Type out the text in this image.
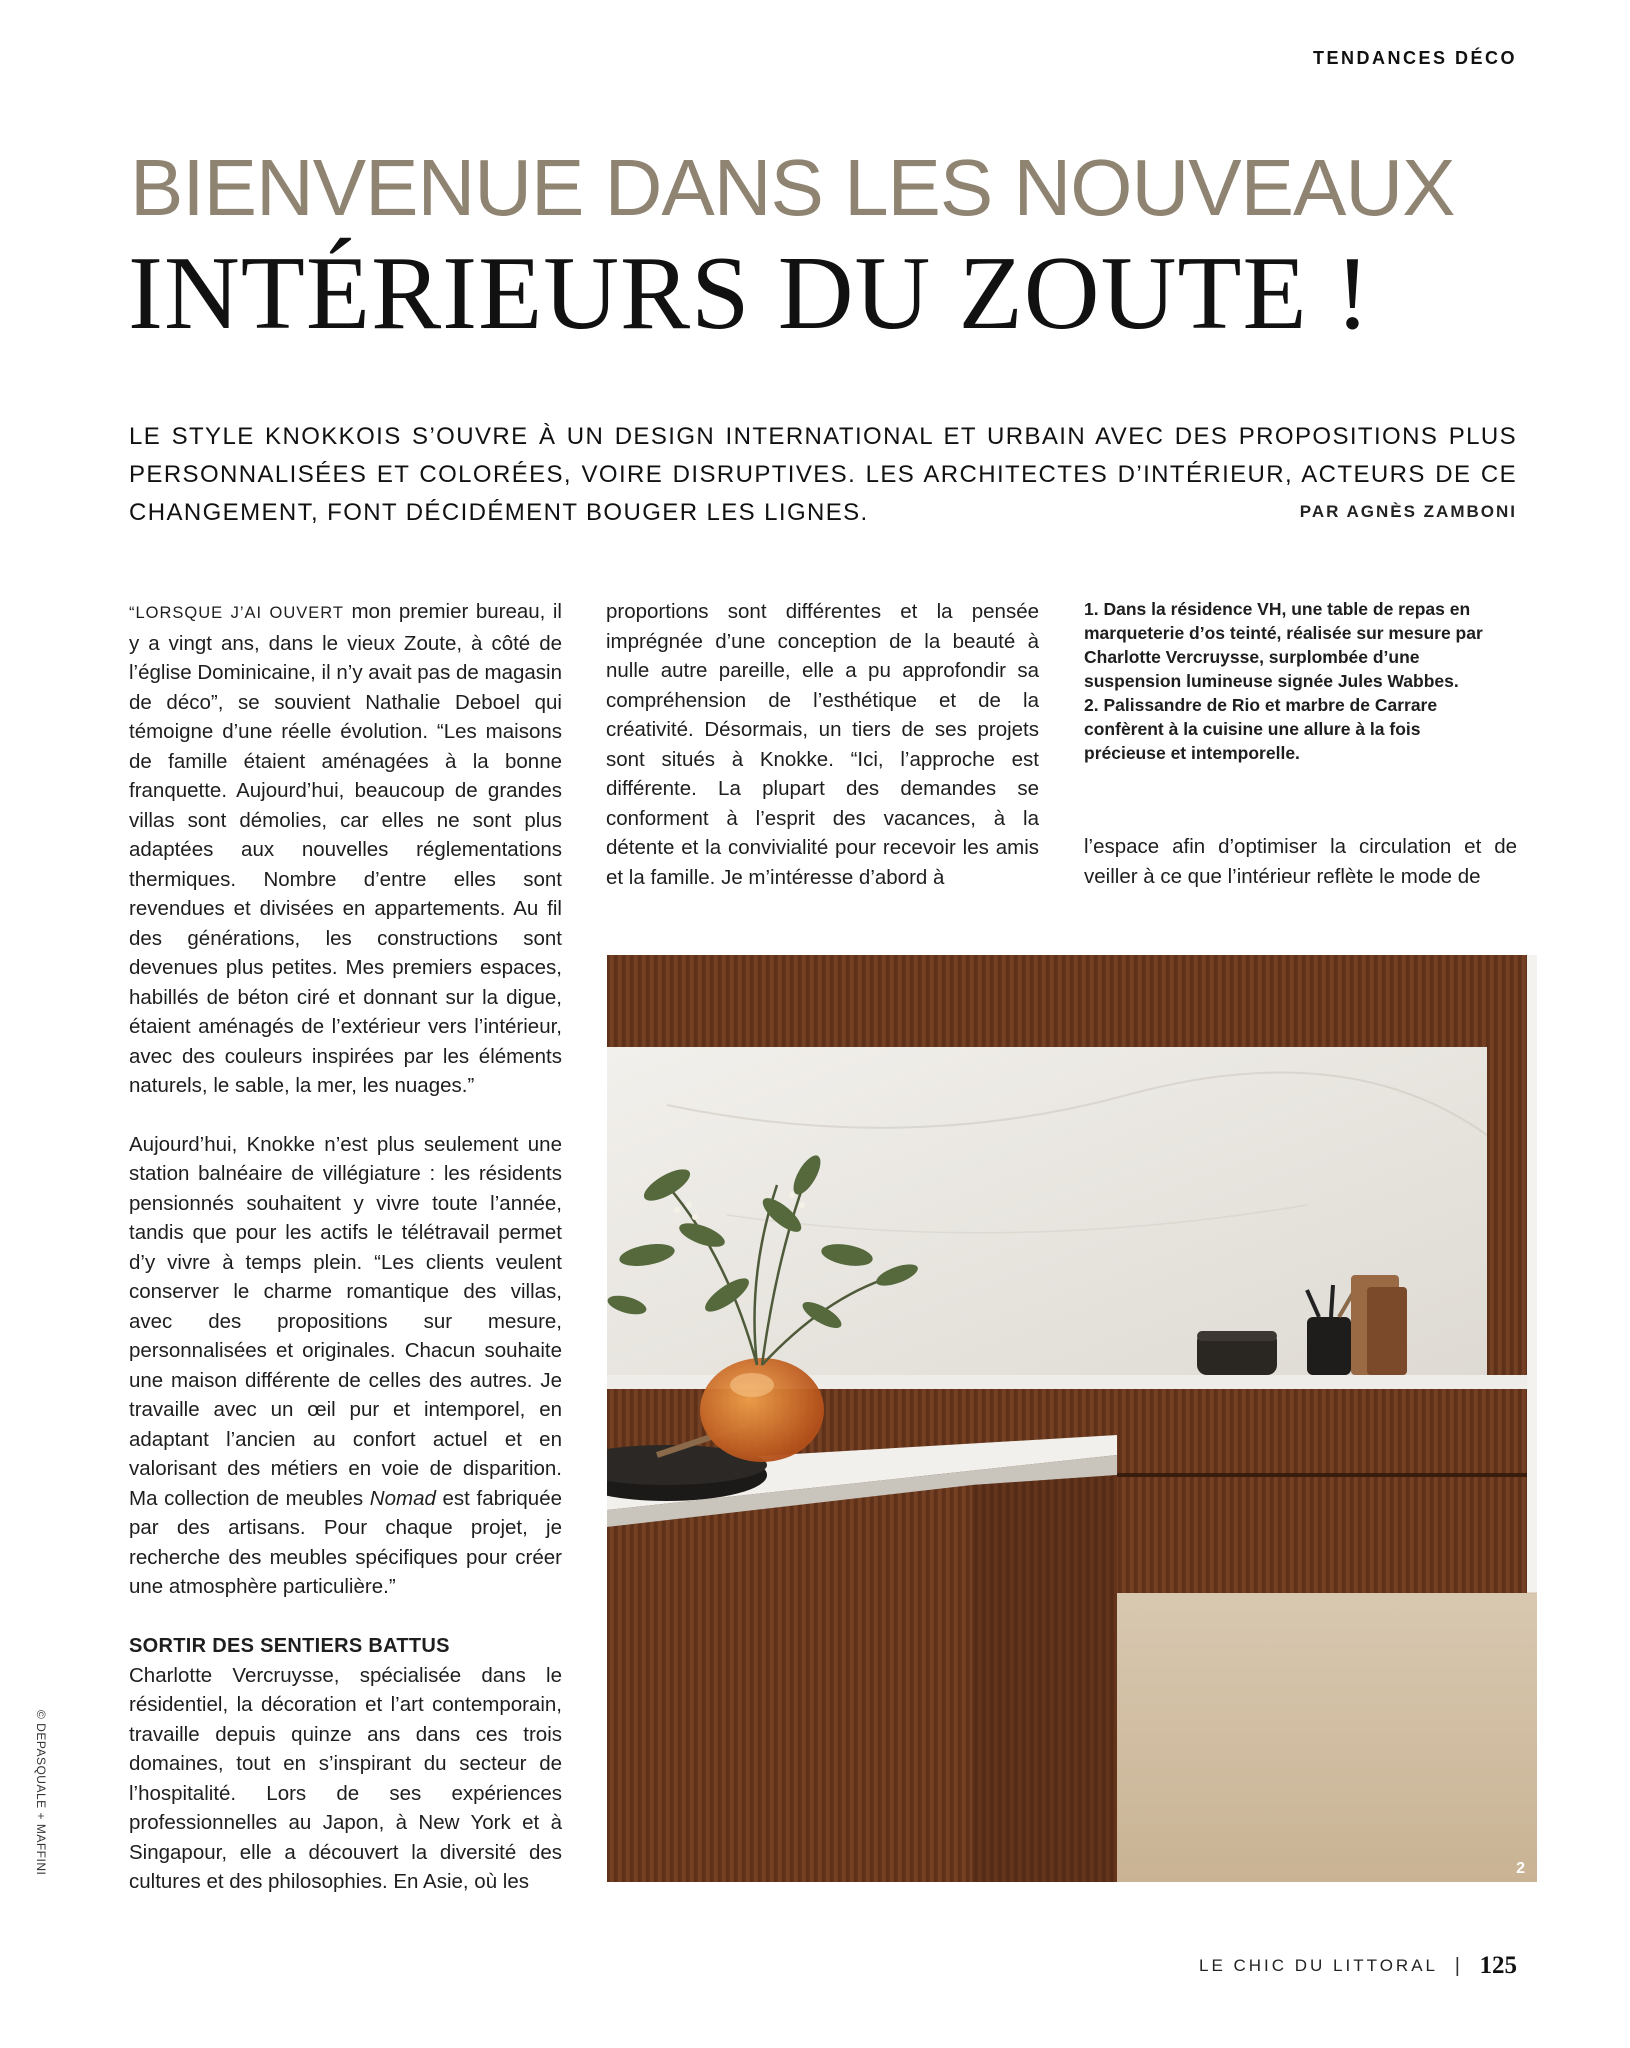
TENDANCES DÉCO
BIENVENUE DANS LES NOUVEAUX
INTÉRIEURS DU ZOUTE !
LE STYLE KNOKKOIS S’OUVRE À UN DESIGN INTERNATIONAL ET URBAIN AVEC DES PROPOSITIONS PLUS PERSONNALISÉES ET COLORÉES, VOIRE DISRUPTIVES. LES ARCHITECTES D’INTÉRIEUR, ACTEURS DE CE CHANGEMENT, FONT DÉCIDÉMENT BOUGER LES LIGNES.	PAR AGNÈS ZAMBONI

“LORSQUE J’AI OUVERT mon premier bureau, il y a vingt ans, dans le vieux Zoute, à côté de l’église Dominicaine, il n’y avait pas de magasin de déco”, se souvient Nathalie Deboel qui témoigne d’une réelle évolution. “Les maisons de famille étaient aménagées à la bonne franquette. Aujourd’hui, beaucoup de grandes villas sont démolies, car elles ne sont plus adaptées aux nouvelles réglementations thermiques. Nombre d’entre elles sont revendues et divisées en appartements. Au fil des générations, les constructions sont devenues plus petites. Mes premiers espaces, habillés de béton ciré et donnant sur la digue, étaient aménagés de l’extérieur vers l’intérieur, avec des couleurs inspirées par les éléments naturels, le sable, la mer, les nuages.”

Aujourd’hui, Knokke n’est plus seulement une station balnéaire de villégiature : les résidents pensionnés souhaitent y vivre toute l’année, tandis que pour les actifs le télétravail permet d’y vivre à temps plein. “Les clients veulent conserver le charme romantique des villas, avec des propositions sur mesure, personnalisées et originales. Chacun souhaite une maison différente de celles des autres. Je travaille avec un œil pur et intemporel, en adaptant l’ancien au confort actuel et en valorisant des métiers en voie de disparition. Ma collection de meubles Nomad est fabriquée par des artisans. Pour chaque projet, je recherche des meubles spécifiques pour créer une atmosphère particulière.”

SORTIR DES SENTIERS BATTUS

Charlotte Vercruysse, spécialisée dans le résidentiel, la décoration et l’art contemporain, travaille depuis quinze ans dans ces trois domaines, tout en s’inspirant du secteur de l’hospitalité. Lors de ses expériences professionnelles au Japon, à New York et à Singapour, elle a découvert la diversité des cultures et des philosophies. En Asie, où les

proportions sont différentes et la pensée imprégnée d’une conception de la beauté à nulle autre pareille, elle a pu approfondir sa compréhension de l’esthétique et de la créativité. Désormais, un tiers de ses projets sont situés à Knokke. “Ici, l’approche est différente. La plupart des demandes se conforment à l’esprit des vacances, à la détente et la convivialité pour recevoir les amis et la famille. Je m’intéresse d’abord à

1. Dans la résidence VH, une table de repas en marqueterie d’os teinté, réalisée sur mesure par Charlotte Vercruysse, surplombée d’une suspension lumineuse signée Jules Wabbes.

2. Palissandre de Rio et marbre de Carrare confèrent à la cuisine une allure à la fois précieuse et intemporelle.

l’espace afin d’optimiser la circulation et de veiller à ce que l’intérieur reflète le mode de

2
© DEPASQUALE + MAFFINI
LE CHIC DU LITTORAL | 125
